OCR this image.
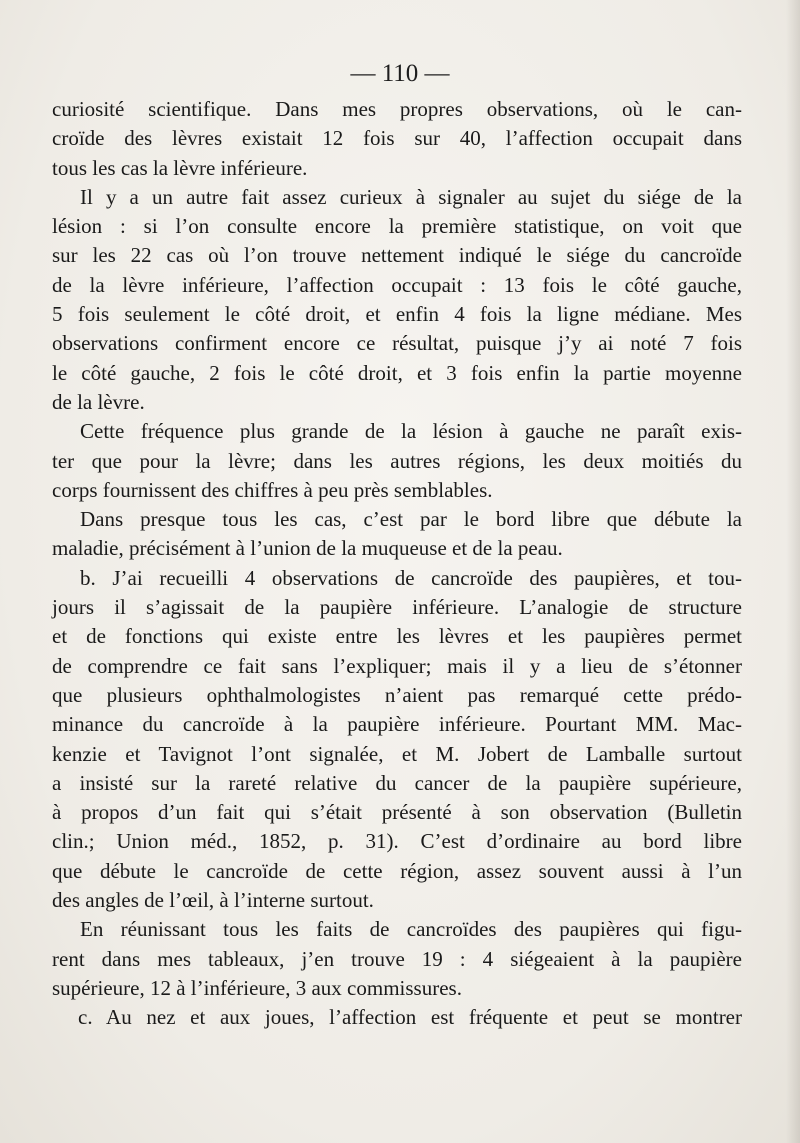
— 110 —
curiosité scientifique. Dans mes propres observations, où le can-
croïde des lèvres existait 12 fois sur 40, l’affection occupait dans
tous les cas la lèvre inférieure.
Il y a un autre fait assez curieux à signaler au sujet du siége de la
lésion : si l’on consulte encore la première statistique, on voit que
sur les 22 cas où l’on trouve nettement indiqué le siége du cancroïde
de la lèvre inférieure, l’affection occupait : 13 fois le côté gauche,
5 fois seulement le côté droit, et enfin 4 fois la ligne médiane. Mes
observations confirment encore ce résultat, puisque j’y ai noté 7 fois
le côté gauche, 2 fois le côté droit, et 3 fois enfin la partie moyenne
de la lèvre.
Cette fréquence plus grande de la lésion à gauche ne paraît exis-
ter que pour la lèvre; dans les autres régions, les deux moitiés du
corps fournissent des chiffres à peu près semblables.
Dans presque tous les cas, c’est par le bord libre que débute la
maladie, précisément à l’union de la muqueuse et de la peau.
b. J’ai recueilli 4 observations de cancroïde des paupières, et tou-
jours il s’agissait de la paupière inférieure. L’analogie de structure
et de fonctions qui existe entre les lèvres et les paupières permet
de comprendre ce fait sans l’expliquer; mais il y a lieu de s’étonner
que plusieurs ophthalmologistes n’aient pas remarqué cette prédo-
minance du cancroïde à la paupière inférieure. Pourtant MM. Mac-
kenzie et Tavignot l’ont signalée, et M. Jobert de Lamballe surtout
a insisté sur la rareté relative du cancer de la paupière supérieure,
à propos d’un fait qui s’était présenté à son observation (Bulletin
clin.; Union méd., 1852, p. 31). C’est d’ordinaire au bord libre
que débute le cancroïde de cette région, assez souvent aussi à l’un
des angles de l’œil, à l’interne surtout.
En réunissant tous les faits de cancroïdes des paupières qui figu-
rent dans mes tableaux, j’en trouve 19 : 4 siégeaient à la paupière
supérieure, 12 à l’inférieure, 3 aux commissures.
c. Au nez et aux joues, l’affection est fréquente et peut se montrer
